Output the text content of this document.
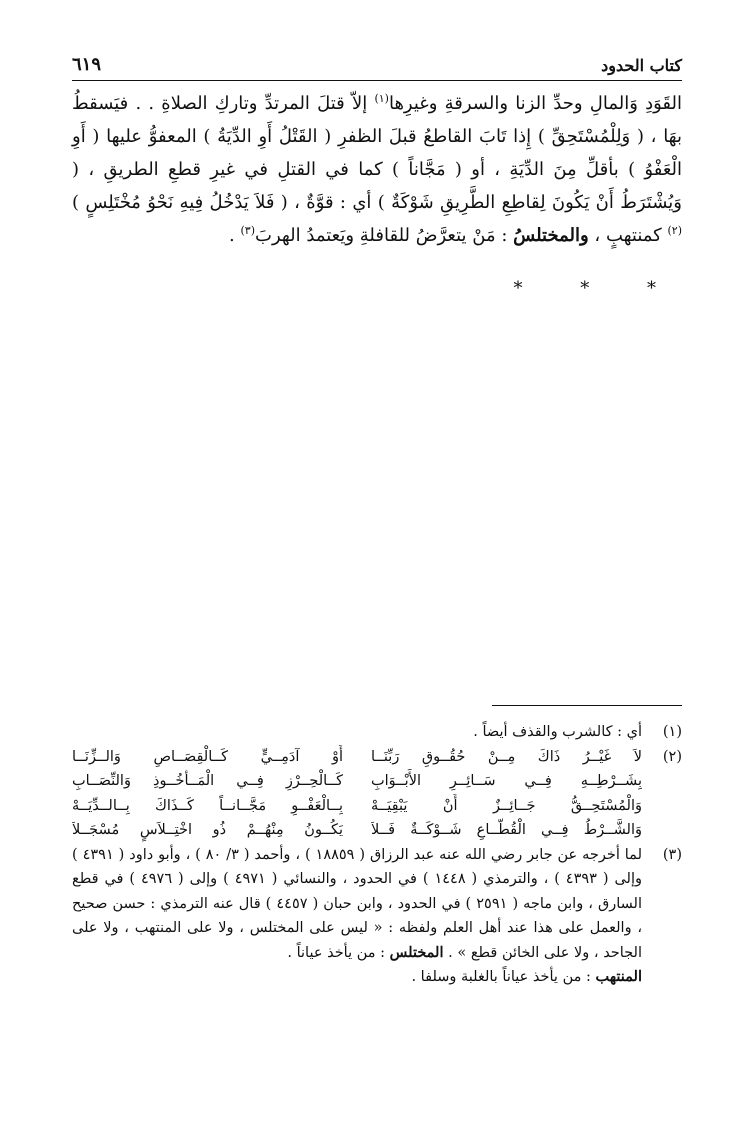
كتاب الحدود
٦١٩

القَوَدِ وَالمالِ وحدِّ الزنا والسرقةِ وغيرِها$^{(١)}$ إلاّ قتلَ المرتدِّ وتاركِ الصلاةِ . . فيَسقطُ بهَا ، ( وَلِلْمُسْتَحِقِّ ) إِذا تَابَ القاطعُ قبلَ الظفرِ ( القَتْلُ أَوِ الدِّيَةُ ) المعفوُّ عليها ( أَوِ الْعَفْوُ ) بأقلِّ مِنَ الدِّيَةِ ، أو ( مَجَّاناً ) كما في القتلِ في غيرِ قطعِ الطريقِ ، ( وَيُشْتَرَطُ أَنْ يَكُونَ لِقاطِعِ الطَّرِيقِ شَوْكَةٌ ) أي : قوَّةٌ ، ( فَلاَ يَدْخُلُ فِيهِ نَحْوُ مُخْتَلِسٍ )$^{(٢)}$ كمنتهبٍ ، والمختلسُ : مَنْ يتعرَّضُ للقافلةِ ويَعتمدُ الهربَ$^{(٣)}$ .

* * *
(١)
أي : كالشرب والقذف أيضاً .
(٢)
لاَ غَيْــرُ ذَاكَ مِــنْ حُقُــوقِ رَبِّنَــا
أَوْ آدَمِــيٍّ كَــالْقِصَــاصِ وَالــزِّنَــا
بِشَــرْطِــهِ فِــي سَــائِــرِ الأَبْــوَابِ
كَــالْحِــرْزِ فِــي الْمَــأْخُــوذِ وَالنِّصَــابِ
وَالْمُسْتَحِــقُّ جَــائِــزٌ أَنْ يَبْقِيَــهْ
بِــالْعَفْــوِ مَجَّــانــاً كَــذَاكَ بِــالــدِّيَــهْ
وَالشَّــرْطُ فِــي الْقُطَّــاعِ شَــوْكَــةٌ فَــلاَ
يَكُــونُ مِنْهُــمْ ذُو اخْتِــلاَسٍ مُسْجَــلاَ
(٣)

لما أخرجه عن جابر رضي الله عنه عبد الرزاق ( ١٨٨٥٩ ) ، وأحمد ( ٣/ ٨٠ ) ، وأبو داود ( ٤٣٩١ ) وإلى ( ٤٣٩٣ ) ، والترمذي ( ١٤٤٨ ) في الحدود ، والنسائي ( ٤٩٧١ ) وإلى ( ٤٩٧٦ ) في قطع السارق ، وابن ماجه ( ٢٥٩١ ) في الحدود ، وابن حبان ( ٤٤٥٧ ) قال عنه الترمذي : حسن صحيح ، والعمل على هذا عند أهل العلم ولفظه : « ليس على المختلس ، ولا على المنتهب ، ولا على الجاحد ، ولا على الخائن قطع » . المختلس : من يأخذ عياناً .

المنتهب : من يأخذ عياناً بالغلبة وسلفا .
